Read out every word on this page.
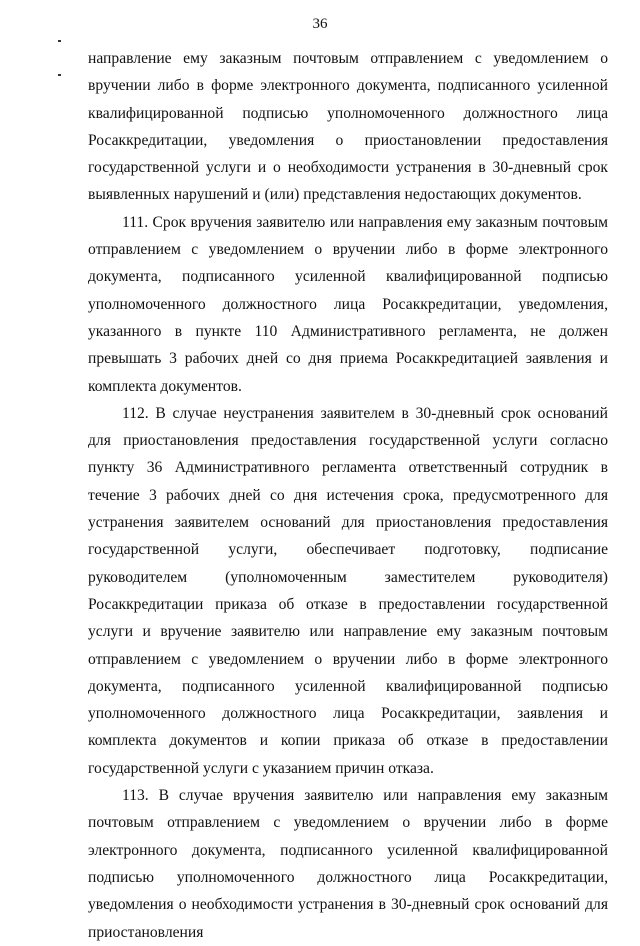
36

направление ему заказным почтовым отправлением с уведомлением о вручении либо в форме электронного документа, подписанного усиленной квалифицированной подписью уполномоченного должностного лица Росаккредитации, уведомления о приостановлении предоставления государственной услуги и о необходимости устранения в 30-дневный срок выявленных нарушений и (или) представления недостающих документов.

111. Срок вручения заявителю или направления ему заказным почтовым отправлением с уведомлением о вручении либо в форме электронного документа, подписанного усиленной квалифицированной подписью уполномоченного должностного лица Росаккредитации, уведомления, указанного в пункте 110 Административного регламента, не должен превышать 3 рабочих дней со дня приема Росаккредитацией заявления и комплекта документов.

112. В случае неустранения заявителем в 30-дневный срок оснований для приостановления предоставления государственной услуги согласно пункту 36 Административного регламента ответственный сотрудник в течение 3 рабочих дней со дня истечения срока, предусмотренного для устранения заявителем оснований для приостановления предоставления государственной услуги, обеспечивает подготовку, подписание руководителем (уполномоченным заместителем руководителя) Росаккредитации приказа об отказе в предоставлении государственной услуги и вручение заявителю или направление ему заказным почтовым отправлением с уведомлением о вручении либо в форме электронного документа, подписанного усиленной квалифицированной подписью уполномоченного должностного лица Росаккредитации, заявления и комплекта документов и копии приказа об отказе в предоставлении государственной услуги с указанием причин отказа.

113. В случае вручения заявителю или направления ему заказным почтовым отправлением с уведомлением о вручении либо в форме электронного документа, подписанного усиленной квалифицированной подписью уполномоченного должностного лица Росаккредитации, уведомления о необходимости устранения в 30-дневный срок оснований для приостановления
